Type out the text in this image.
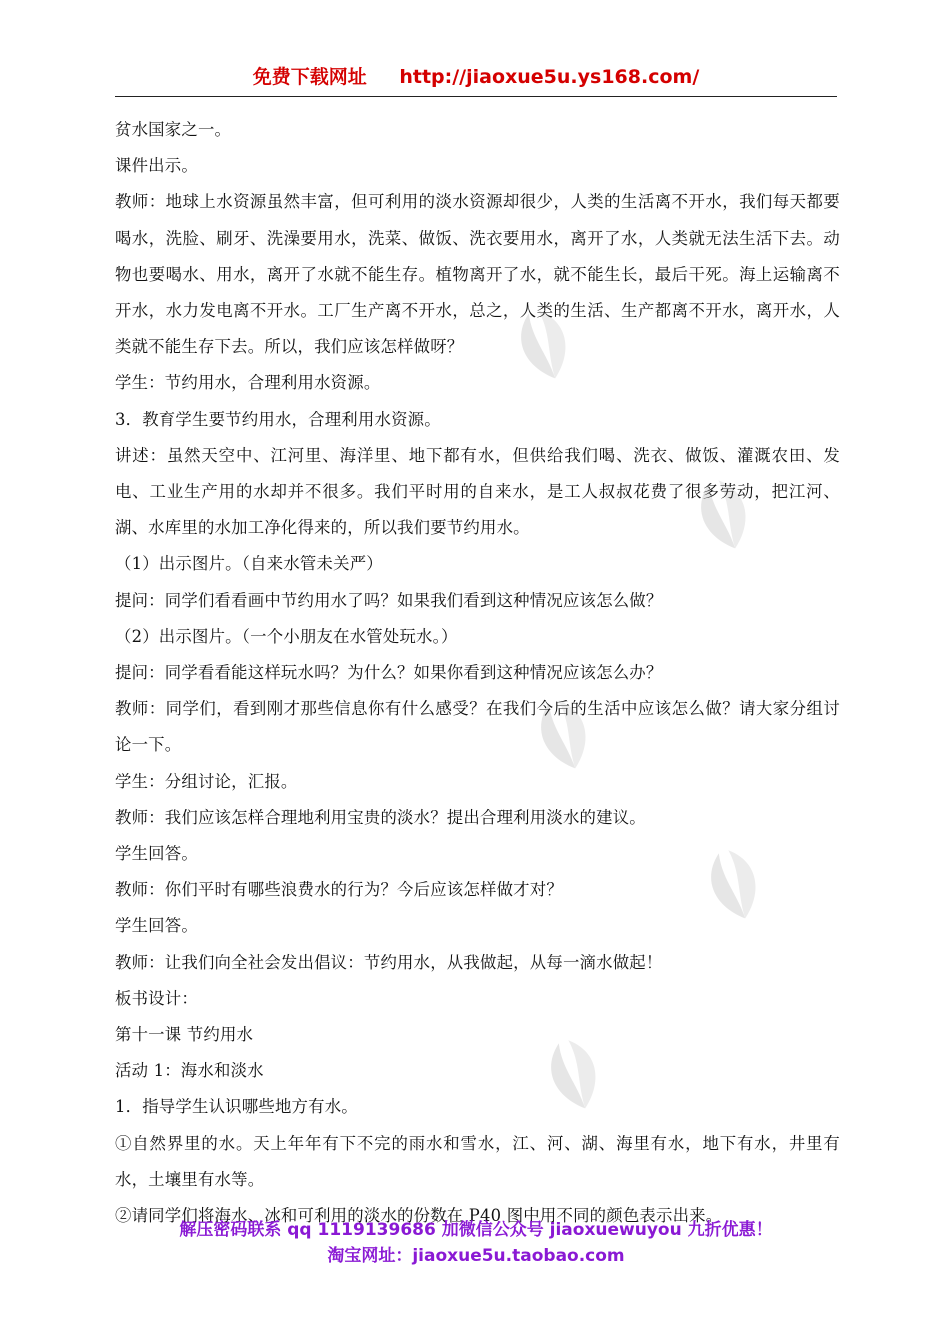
免费下载网址 http://jiaoxue5u.ys168.com/

贫水国家之一。

课件出示。

教师：地球上水资源虽然丰富，但可利用的淡水资源却很少，人类的生活离不开水，我们每天都要喝水，洗脸、刷牙、洗澡要用水，洗菜、做饭、洗衣要用水，离开了水，人类就无法生活下去。动物也要喝水、用水，离开了水就不能生存。植物离开了水，就不能生长，最后干死。海上运输离不开水，水力发电离不开水。工厂生产离不开水，总之，人类的生活、生产都离不开水，离开水，人类就不能生存下去。所以，我们应该怎样做呀？

学生：节约用水，合理利用水资源。

3．教育学生要节约用水，合理利用水资源。

讲述：虽然天空中、江河里、海洋里、地下都有水，但供给我们喝、洗衣、做饭、灌溉农田、发电、工业生产用的水却并不很多。我们平时用的自来水，是工人叔叔花费了很多劳动，把江河、湖、水库里的水加工净化得来的，所以我们要节约用水。

（1）出示图片。（自来水管未关严）

提问：同学们看看画中节约用水了吗？如果我们看到这种情况应该怎么做？

（2）出示图片。（一个小朋友在水管处玩水。）

提问：同学看看能这样玩水吗？为什么？如果你看到这种情况应该怎么办？

教师：同学们，看到刚才那些信息你有什么感受？在我们今后的生活中应该怎么做？请大家分组讨论一下。

学生：分组讨论，汇报。

教师：我们应该怎样合理地利用宝贵的淡水？提出合理利用淡水的建议。

学生回答。

教师：你们平时有哪些浪费水的行为？今后应该怎样做才对？

学生回答。

教师：让我们向全社会发出倡议：节约用水，从我做起，从每一滴水做起！

板书设计：

第十一课 节约用水

活动 1：海水和淡水

1．指导学生认识哪些地方有水。

①自然界里的水。天上年年有下不完的雨水和雪水，江、河、湖、海里有水，地下有水，井里有水，土壤里有水等。

②请同学们将海水、冰和可利用的淡水的份数在 P40 图中用不同的颜色表示出来。

解压密码联系 qq 1119139686 加微信公众号 jiaoxuewuyou 九折优惠！
淘宝网址：jiaoxue5u.taobao.com
